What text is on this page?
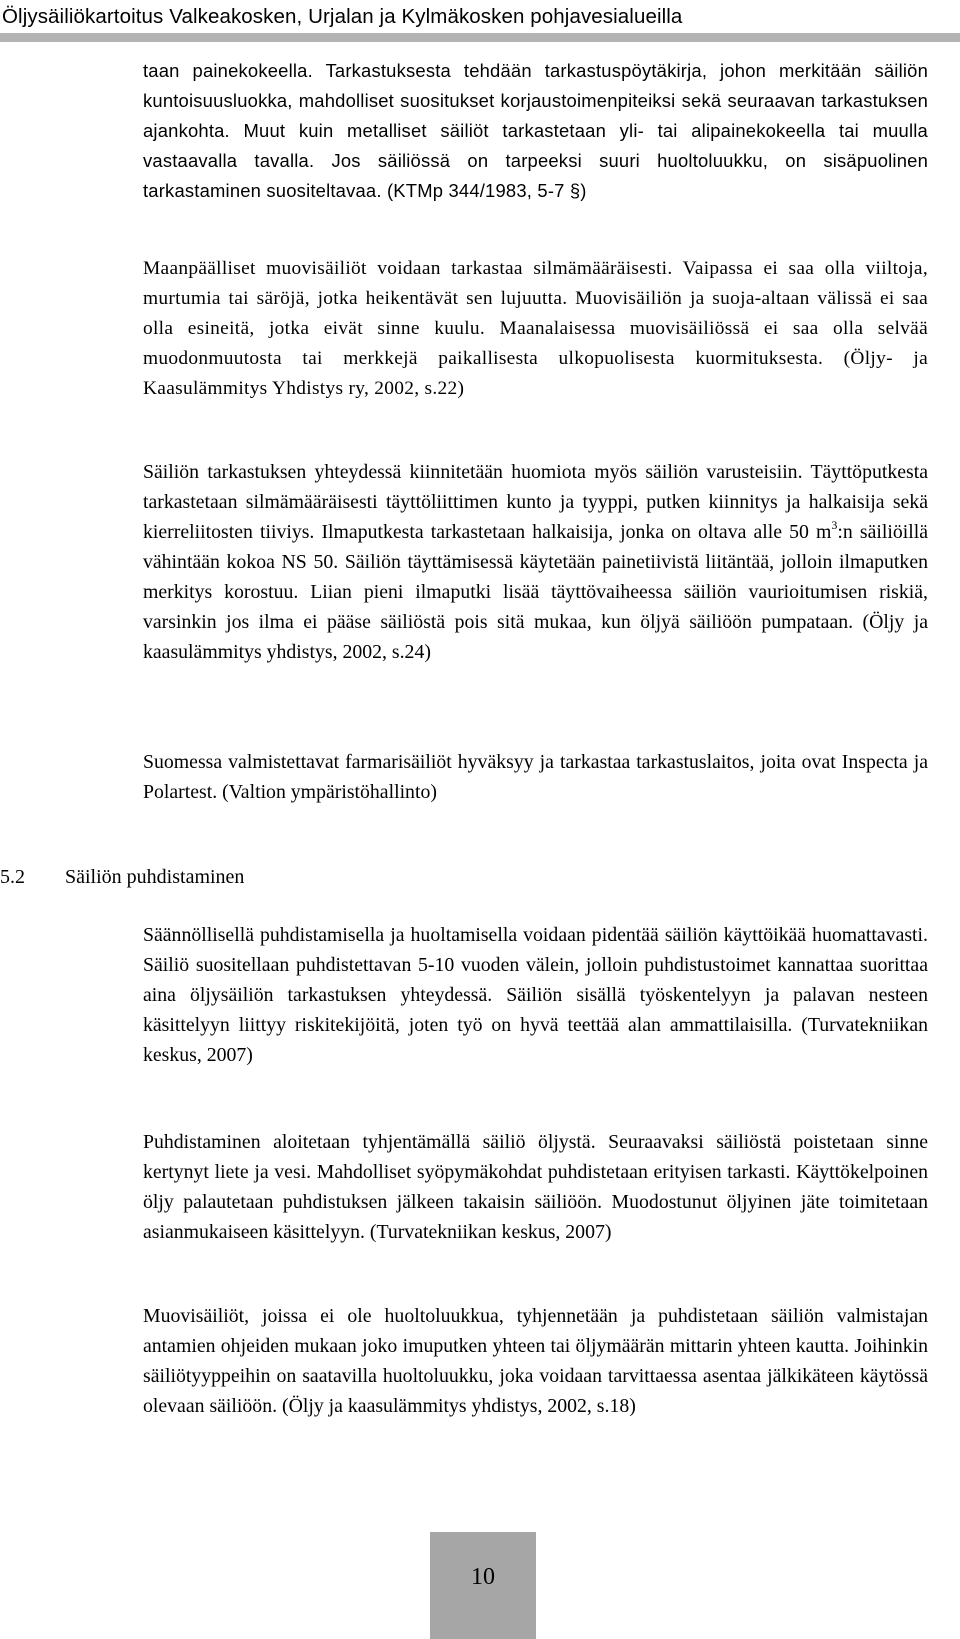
Öljysäiliökartoitus Valkeakosken, Urjalan ja Kylmäkosken pohjavesialueilla

taan painekokeella. Tarkastuksesta tehdään tarkastuspöytäkirja, johon merkitään säiliön kuntoisuusluokka, mahdolliset suositukset korjaustoimenpiteiksi sekä seuraavan tarkastuksen ajankohta. Muut kuin metalliset säiliöt tarkastetaan yli- tai alipainekokeella tai muulla vastaavalla tavalla. Jos säiliössä on tarpeeksi suuri huoltoluukku, on sisäpuolinen tarkastaminen suositeltavaa. (KTMp 344/1983, 5-7 §)

Maanpäälliset muovisäiliöt voidaan tarkastaa silmämääräisesti. Vaipassa ei saa olla viiltoja, murtumia tai säröjä, jotka heikentävät sen lujuutta. Muovisäiliön ja suoja-altaan välissä ei saa olla esineitä, jotka eivät sinne kuulu. Maanalaisessa muovisäiliössä ei saa olla selvää muodonmuutosta tai merkkejä paikallisesta ulkopuolisesta kuormituksesta. (Öljy- ja Kaasulämmitys Yhdistys ry, 2002, s.22)

Säiliön tarkastuksen yhteydessä kiinnitetään huomiota myös säiliön varusteisiin. Täyttöputkesta tarkastetaan silmämääräisesti täyttöliittimen kunto ja tyyppi, putken kiinnitys ja halkaisija sekä kierreliitosten tiiviys. Ilmaputkesta tarkastetaan halkaisija, jonka on oltava alle 50 $m^3:n$ säiliöillä vähintään kokoa NS 50. Säiliön täyttämisessä käytetään painetiivistä liitäntää, jolloin ilmaputken merkitys korostuu. Liian pieni ilmaputki lisää täyttövaiheessa säiliön vaurioitumisen riskiä, varsinkin jos ilma ei pääse säiliöstä pois sitä mukaa, kun öljyä säiliöön pumpataan. (Öljy ja kaasulämmitys yhdistys, 2002, s.24)

Suomessa valmistettavat farmarisäiliöt hyväksyy ja tarkastaa tarkastuslaitos, joita ovat Inspecta ja Polartest. (Valtion ympäristöhallinto)

5.2 Säiliön puhdistaminen

Säännöllisellä puhdistamisella ja huoltamisella voidaan pidentää säiliön käyttöikää huomattavasti. Säiliö suositellaan puhdistettavan 5-10 vuoden välein, jolloin puhdistustoimet kannattaa suorittaa aina öljysäiliön tarkastuksen yhteydessä. Säiliön sisällä työskentelyyn ja palavan nesteen käsittelyyn liittyy riskitekijöitä, joten työ on hyvä teettää alan ammattilaisilla. (Turvatekniikan keskus, 2007)

Puhdistaminen aloitetaan tyhjentämällä säiliö öljystä. Seuraavaksi säiliöstä poistetaan sinne kertynyt liete ja vesi. Mahdolliset syöpymäkohdat puhdistetaan erityisen tarkasti. Käyttökelpoinen öljy palautetaan puhdistuksen jälkeen takaisin säiliöön. Muodostunut öljyinen jäte toimitetaan asianmukaiseen käsittelyyn. (Turvatekniikan keskus, 2007)

Muovisäiliöt, joissa ei ole huoltoluukkua, tyhjennetään ja puhdistetaan säiliön valmistajan antamien ohjeiden mukaan joko imuputken yhteen tai öljymäärän mittarin yhteen kautta. Joihinkin säiliötyyppeihin on saatavilla huoltoluukku, joka voidaan tarvittaessa asentaa jälkikäteen käytössä olevaan säiliöön. (Öljy ja kaasulämmitys yhdistys, 2002, s.18)

10
